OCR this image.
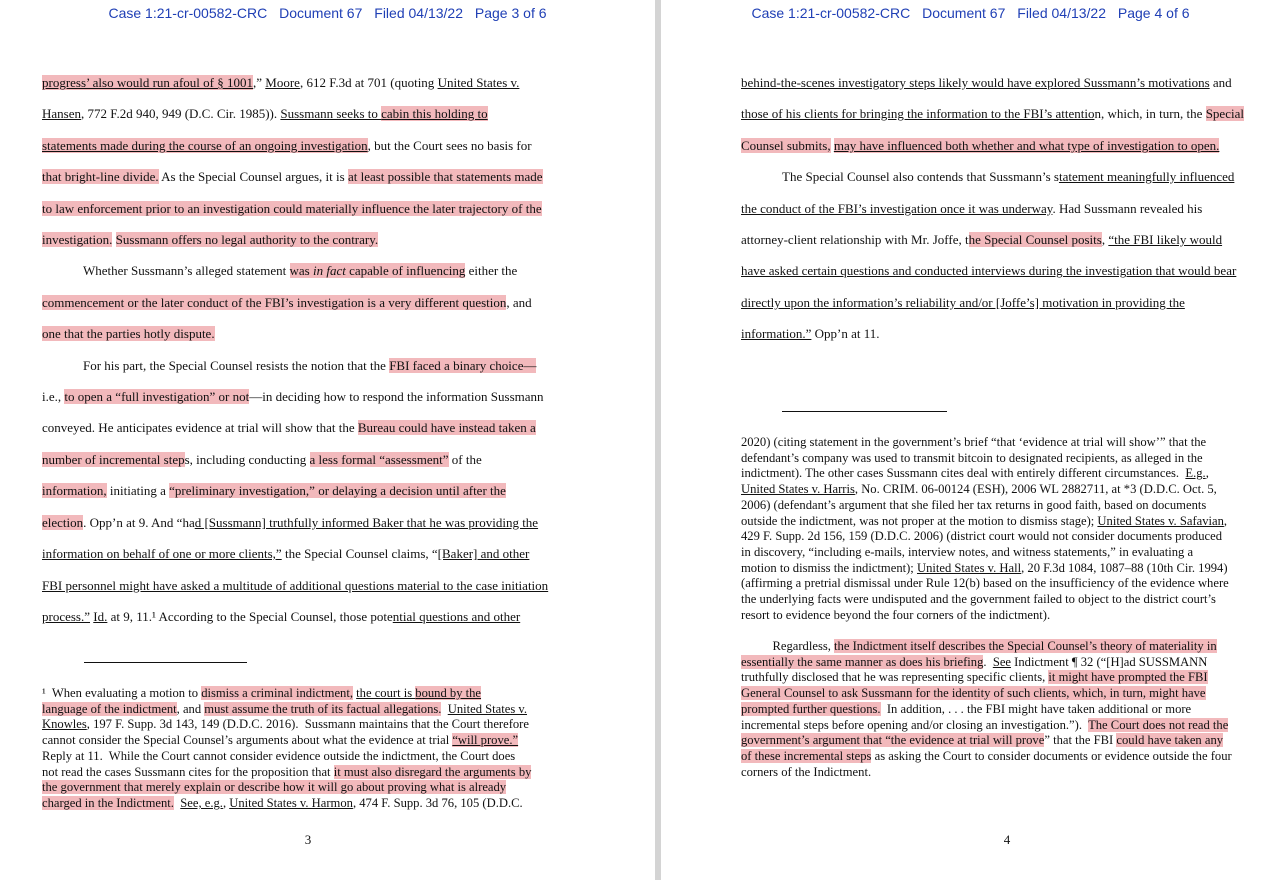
Case 1:21-cr-00582-CRC Document 67 Filed 04/13/22 Page 3 of 6
progress’ also would run afoul of § 1001,” Moore, 612 F.3d at 701 (quoting United States v.
Hansen, 772 F.2d 940, 949 (D.C. Cir. 1985)). Sussmann seeks to cabin this holding to
statements made during the course of an ongoing investigation, but the Court sees no basis for
that bright-line divide. As the Special Counsel argues, it is at least possible that statements made
to law enforcement prior to an investigation could materially influence the later trajectory of the
investigation. Sussmann offers no legal authority to the contrary.
Whether Sussmann’s alleged statement was in fact capable of influencing either the
commencement or the later conduct of the FBI’s investigation is a very different question, and
one that the parties hotly dispute.
For his part, the Special Counsel resists the notion that the FBI faced a binary choice—
i.e., to open a “full investigation” or not—in deciding how to respond the information Sussmann
conveyed. He anticipates evidence at trial will show that the Bureau could have instead taken a
number of incremental steps, including conducting a less formal “assessment” of the
information, initiating a “preliminary investigation,” or delaying a decision until after the
election. Opp’n at 9. And “had [Sussmann] truthfully informed Baker that he was providing the
information on behalf of one or more clients,” the Special Counsel claims, “[Baker] and other
FBI personnel might have asked a multitude of additional questions material to the case initiation
process.” Id. at 9, 11.¹ According to the Special Counsel, those potential questions and other
¹  When evaluating a motion to dismiss a criminal indictment, the court is bound by the
language of the indictment, and must assume the truth of its factual allegations. United States v.
Knowles, 197 F. Supp. 3d 143, 149 (D.D.C. 2016).  Sussmann maintains that the Court therefore
cannot consider the Special Counsel’s arguments about what the evidence at trial “will prove.”
Reply at 11.  While the Court cannot consider evidence outside the indictment, the Court does
not read the cases Sussmann cites for the proposition that it must also disregard the arguments by
the government that merely explain or describe how it will go about proving what is already
charged in the Indictment. See, e.g., United States v. Harmon, 474 F. Supp. 3d 76, 105 (D.D.C.
3
Case 1:21-cr-00582-CRC Document 67 Filed 04/13/22 Page 4 of 6
behind-the-scenes investigatory steps likely would have explored Sussmann’s motivations and
those of his clients for bringing the information to the FBI’s attention, which, in turn, the Special
Counsel submits, may have influenced both whether and what type of investigation to open.
The Special Counsel also contends that Sussmann’s statement meaningfully influenced
the conduct of the FBI’s investigation once it was underway. Had Sussmann revealed his
attorney-client relationship with Mr. Joffe, the Special Counsel posits, “the FBI likely would
have asked certain questions and conducted interviews during the investigation that would bear
directly upon the information’s reliability and/or [Joffe’s] motivation in providing the
information.” Opp’n at 11.
2020) (citing statement in the government’s brief “that ‘evidence at trial will show’” that the
defendant’s company was used to transmit bitcoin to designated recipients, as alleged in the
indictment). The other cases Sussmann cites deal with entirely different circumstances.  E.g.,
United States v. Harris, No. CRIM. 06-00124 (ESH), 2006 WL 2882711, at *3 (D.D.C. Oct. 5,
2006) (defendant’s argument that she filed her tax returns in good faith, based on documents
outside the indictment, was not proper at the motion to dismiss stage); United States v. Safavian,
429 F. Supp. 2d 156, 159 (D.D.C. 2006) (district court would not consider documents produced
in discovery, “including e-mails, interview notes, and witness statements,” in evaluating a
motion to dismiss the indictment); United States v. Hall, 20 F.3d 1084, 1087–88 (10th Cir. 1994)
(affirming a pretrial dismissal under Rule 12(b) based on the insufficiency of the evidence where
the underlying facts were undisputed and the government failed to object to the district court’s
resort to evidence beyond the four corners of the indictment).
Regardless, the Indictment itself describes the Special Counsel’s theory of materiality in
essentially the same manner as does his briefing.  See Indictment ¶ 32 (“[H]ad SUSSMANN
truthfully disclosed that he was representing specific clients, it might have prompted the FBI
General Counsel to ask Sussmann for the identity of such clients, which, in turn, might have
prompted further questions.  In addition, . . . the FBI might have taken additional or more
incremental steps before opening and/or closing an investigation.”).  The Court does not read the
government’s argument that “the evidence at trial will prove” that the FBI could have taken any
of these incremental steps as asking the Court to consider documents or evidence outside the four
corners of the Indictment.
4
